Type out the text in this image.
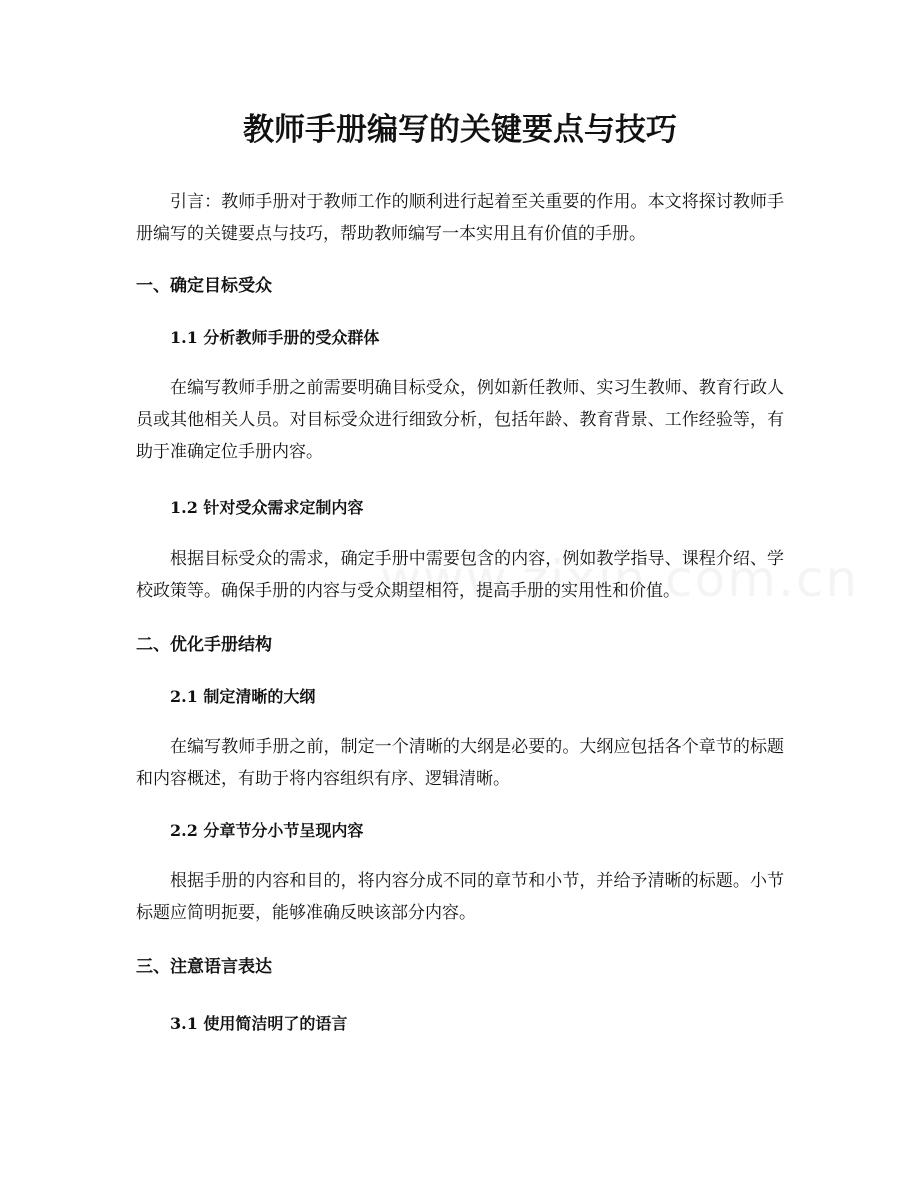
教师手册编写的关键要点与技巧

引言：教师手册对于教师工作的顺利进行起着至关重要的作用。本文将探讨教师手册编写的关键要点与技巧，帮助教师编写一本实用且有价值的手册。

一、确定目标受众
1.1 分析教师手册的受众群体

在编写教师手册之前需要明确目标受众，例如新任教师、实习生教师、教育行政人员或其他相关人员。对目标受众进行细致分析，包括年龄、教育背景、工作经验等，有助于准确定位手册内容。

1.2 针对受众需求定制内容

根据目标受众的需求，确定手册中需要包含的内容，例如教学指导、课程介绍、学校政策等。确保手册的内容与受众期望相符，提高手册的实用性和价值。

二、优化手册结构
2.1 制定清晰的大纲

在编写教师手册之前，制定一个清晰的大纲是必要的。大纲应包括各个章节的标题和内容概述，有助于将内容组织有序、逻辑清晰。

2.2 分章节分小节呈现内容

根据手册的内容和目的，将内容分成不同的章节和小节，并给予清晰的标题。小节标题应简明扼要，能够准确反映该部分内容。

三、注意语言表达
3.1 使用简洁明了的语言
